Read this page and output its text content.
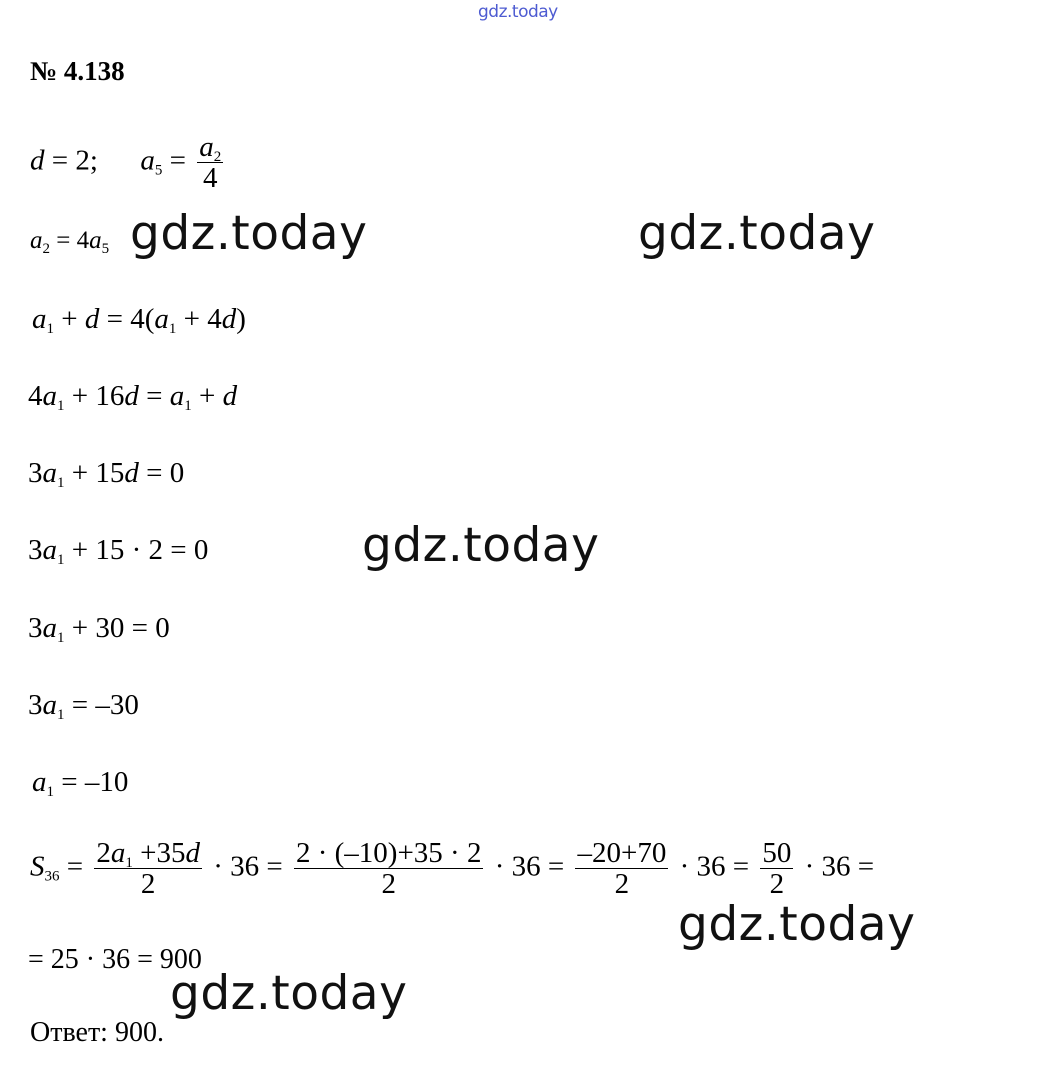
gdz.today
№ 4.138
d = 2; $a_5 = \frac{a_2}{4}$
$a_2 = 4a_5$ gdz.today	gdz.today
$a_1 + d = 4(a_1 + 4d)$
$4a_1 + 16d = a_1 + d$
$3a_1 + 15d = 0$
$3a_1 + 15 \cdot 2 = 0$	gdz.today
$3a_1 + 30 = 0$
$3a_1 = -30$
$a_1 = -10$
$S_{36} = \frac{2a_1 +35d}{2} \cdot 36 = \frac{2 \cdot (-10)+35 \cdot 2}{2} \cdot 36 = \frac{-20+70}{2} \cdot 36 = \frac{50}{2} \cdot 36$ =
gdz.today
= 25 · 36 = 900
gdz.today
Ответ: 900.
